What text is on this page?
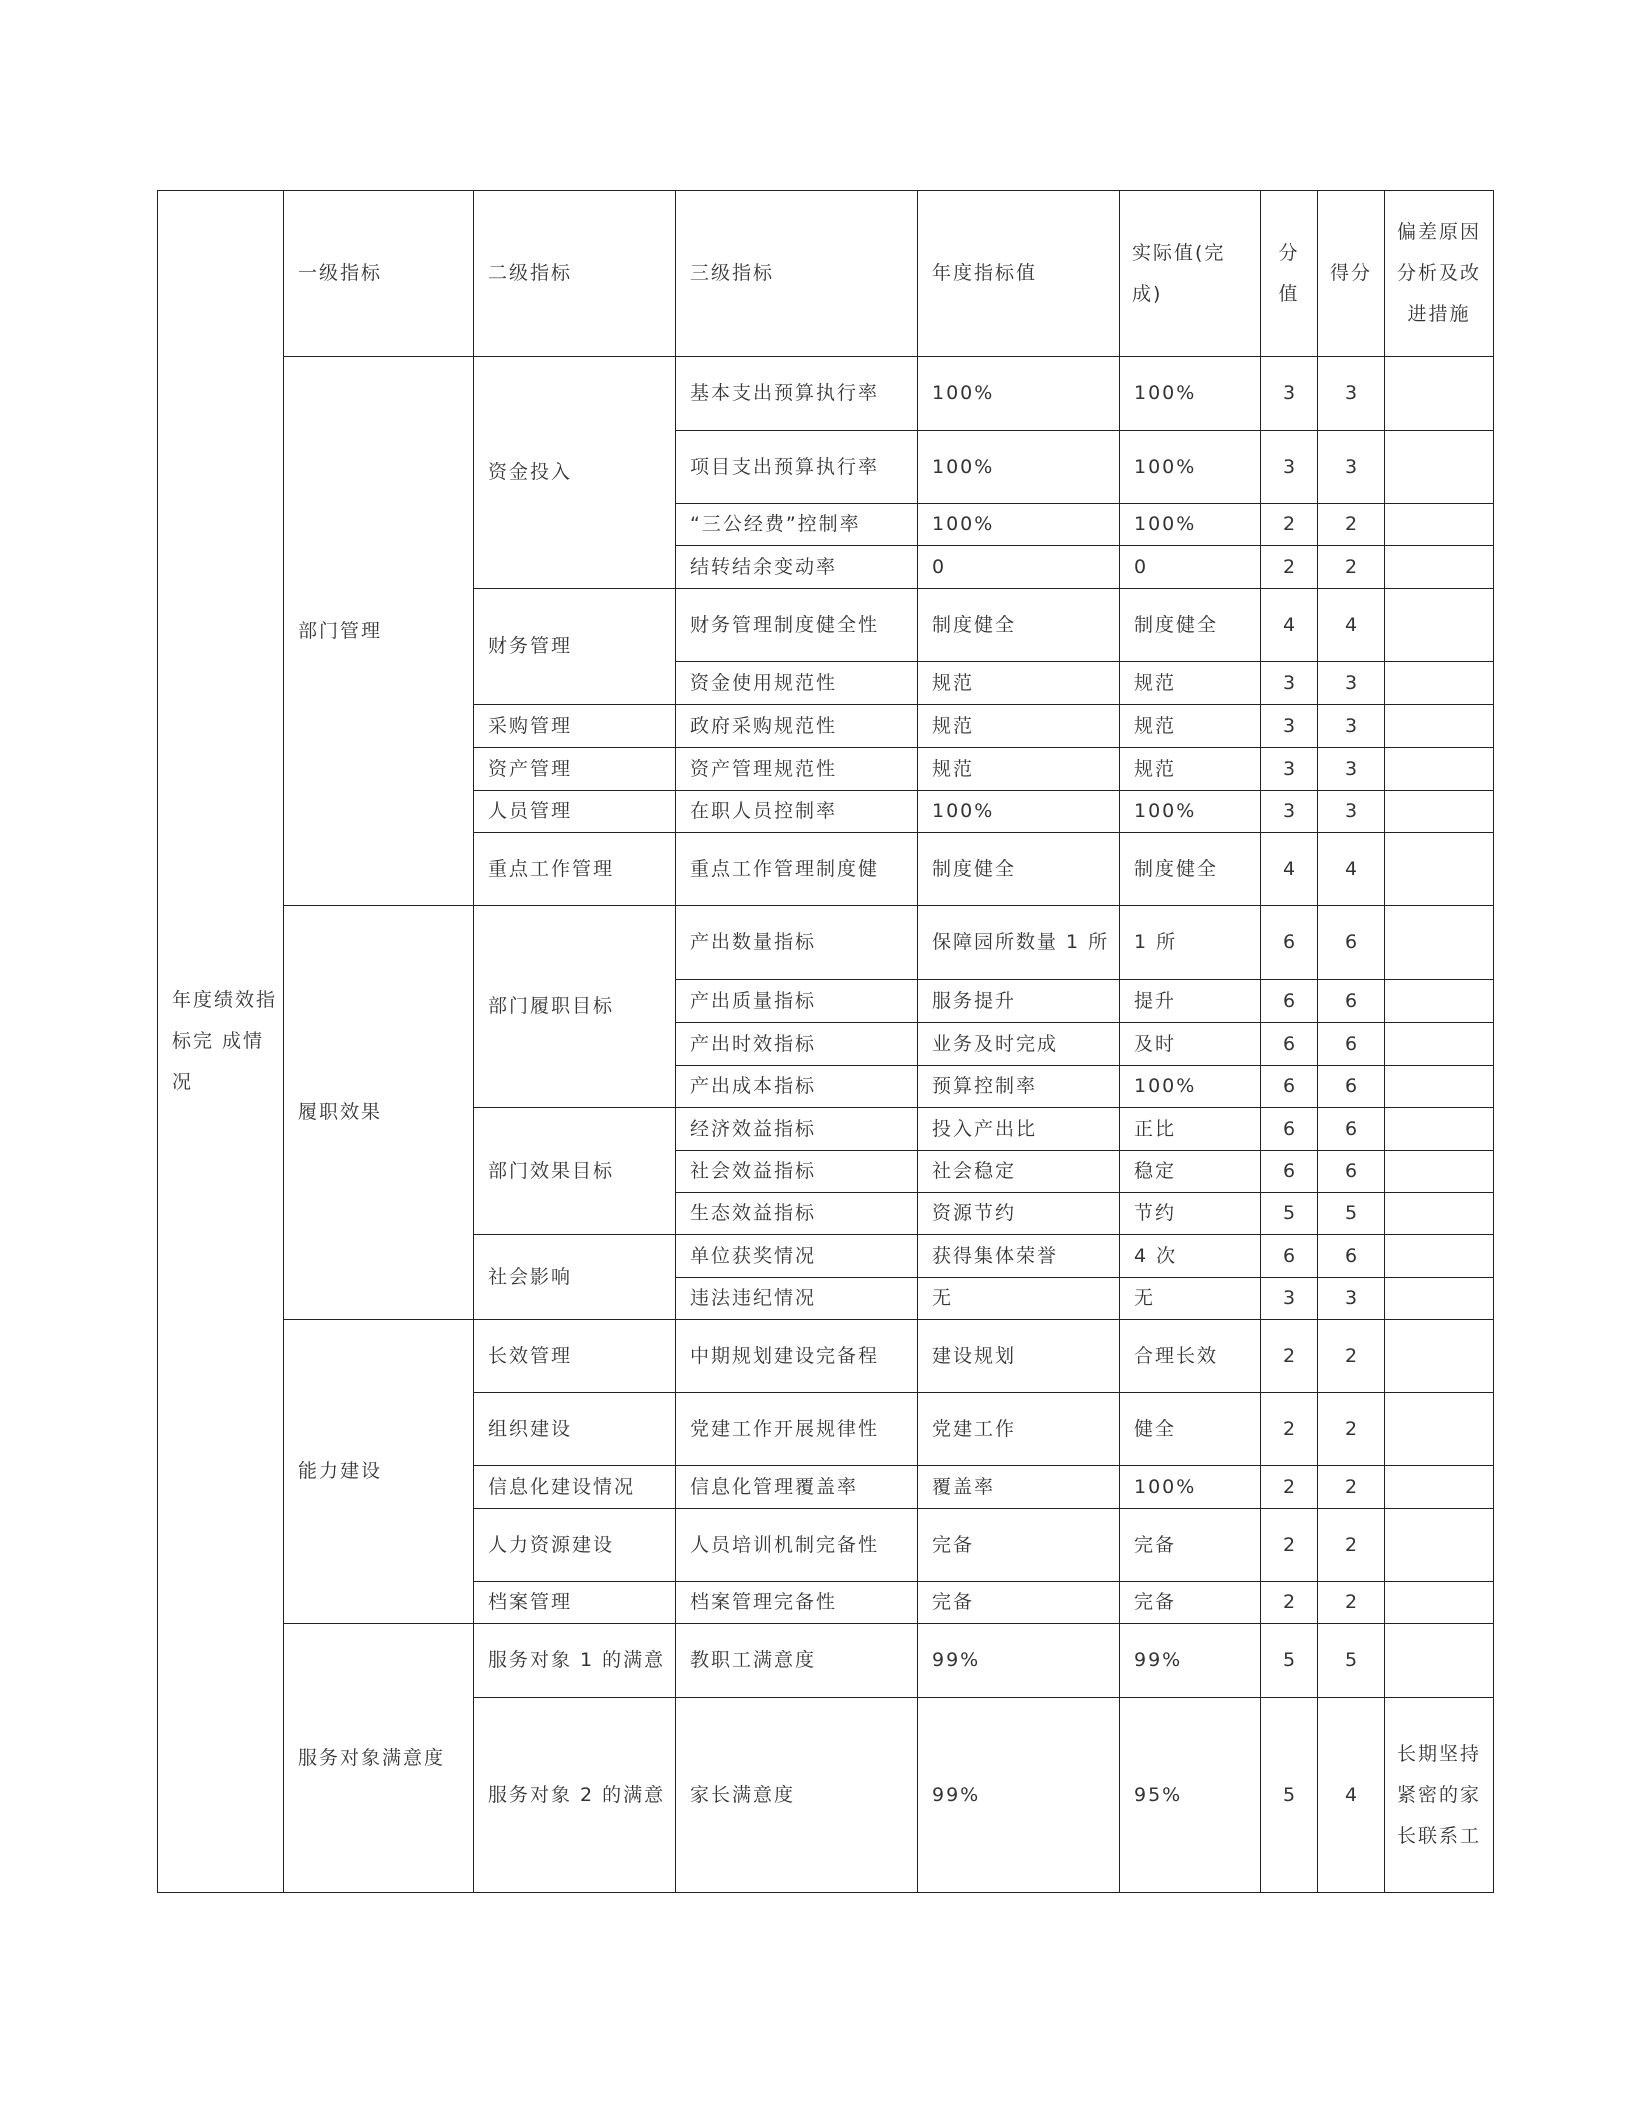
年度绩效指标完 成情况	一级指标	二级指标	三级指标	年度指标值	实际值(完成)	分值	得分	偏差原因分析及改进措施
	部门管理	资金投入	基本支出预算执行率	100%	100%	3	3	
			项目支出预算执行率	100%	100%	3	3	
			“三公经费”控制率	100%	100%	2	2	
			结转结余变动率	0	0	2	2	
		财务管理	财务管理制度健全性	制度健全	制度健全	4	4	
			资金使用规范性	规范	规范	3	3	
		采购管理	政府采购规范性	规范	规范	3	3	
		资产管理	资产管理规范性	规范	规范	3	3	
		人员管理	在职人员控制率	100%	100%	3	3	
		重点工作管理	重点工作管理制度健	制度健全	制度健全	4	4	
	履职效果	部门履职目标	产出数量指标	保障园所数量 1 所	1 所	6	6	
			产出质量指标	服务提升	提升	6	6	
			产出时效指标	业务及时完成	及时	6	6	
			产出成本指标	预算控制率	100%	6	6	
		部门效果目标	经济效益指标	投入产出比	正比	6	6	
			社会效益指标	社会稳定	稳定	6	6	
			生态效益指标	资源节约	节约	5	5	
		社会影响	单位获奖情况	获得集体荣誉	4 次	6	6	
			违法违纪情况	无	无	3	3	
	能力建设	长效管理	中期规划建设完备程	建设规划	合理长效	2	2	
		组织建设	党建工作开展规律性	党建工作	健全	2	2	
		信息化建设情况	信息化管理覆盖率	覆盖率	100%	2	2	
		人力资源建设	人员培训机制完备性	完备	完备	2	2	
		档案管理	档案管理完备性	完备	完备	2	2	
	服务对象满意度	服务对象 1 的满意	教职工满意度	99%	99%	5	5	
		服务对象 2 的满意	家长满意度	99%	95%	5	4	长期坚持紧密的家长联系工
